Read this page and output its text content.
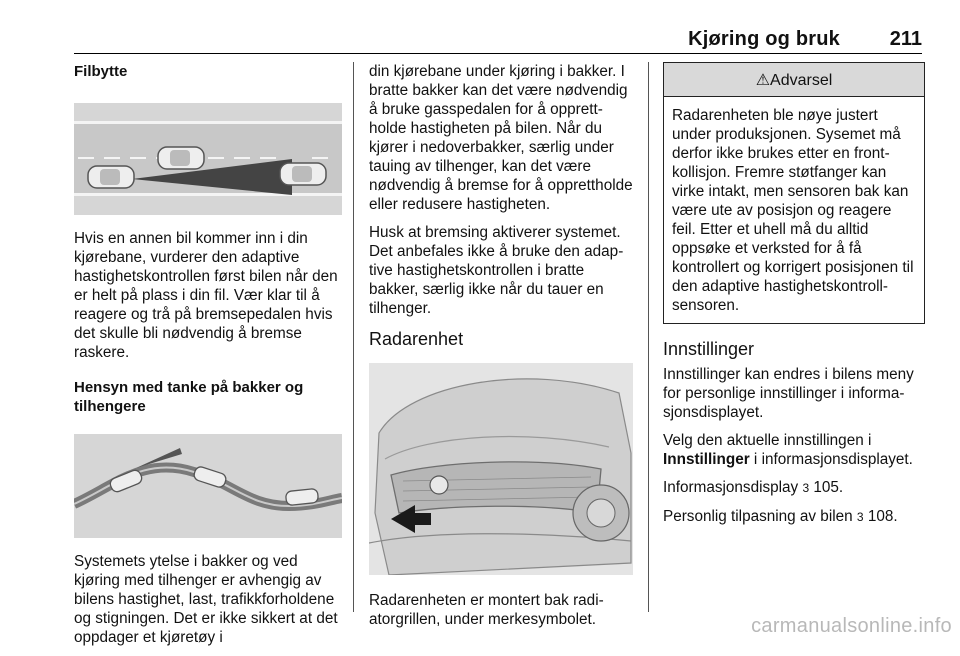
Kjøring og bruk 211
Filbytte

Hvis en annen bil kommer inn i din kjørebane, vurderer den adaptive hastighetskontrollen først bilen når den er helt på plass i din fil. Vær klar til å reagere og trå på bremsepedalen hvis det skulle bli nødvendig å bremse raskere.

Hensyn med tanke på bakker og tilhengere

Systemets ytelse i bakker og ved kjøring med tilhenger er avhengig av bilens hastighet, last, trafikkforholdene og stigningen. Det er ikke sikkert at det oppdager et kjøretøy i

din kjørebane under kjøring i bakker. I bratte bakker kan det være nødvendig å bruke gasspedalen for å opprettholde hastigheten på bilen. Når du kjører i nedoverbakker, særlig under tauing av tilhenger, kan det være nødvendig å bremse for å opprettholde eller redusere hastigheten.

Husk at bremsing aktiverer systemet. Det anbefales ikke å bruke den adaptive hastighetskontrollen i bratte bakker, særlig ikke når du tauer en tilhenger.

Radarenhet

Radarenheten er montert bak radiatorgrillen, under merkesymbolet.

⚠Advarsel
Radarenheten ble nøye justert under produksjonen. Sysemet må derfor ikke brukes etter en frontkollisjon. Fremre støtfanger kan virke intakt, men sensoren bak kan være ute av posisjon og reagere feil. Etter et uhell må du alltid oppsøke et verksted for å få kontrollert og korrigert posisjonen til den adaptive hastighetskontrollsensoren.
Innstillinger

Innstillinger kan endres i bilens meny for personlige innstillinger i informasjonsdisplayet.

Velg den aktuelle innstillingen i
Innstillinger i informasjonsdisplayet.

Informasjonsdisplay 3 105.

Personlig tilpasning av bilen 3 108.

carmanualsonline.info
